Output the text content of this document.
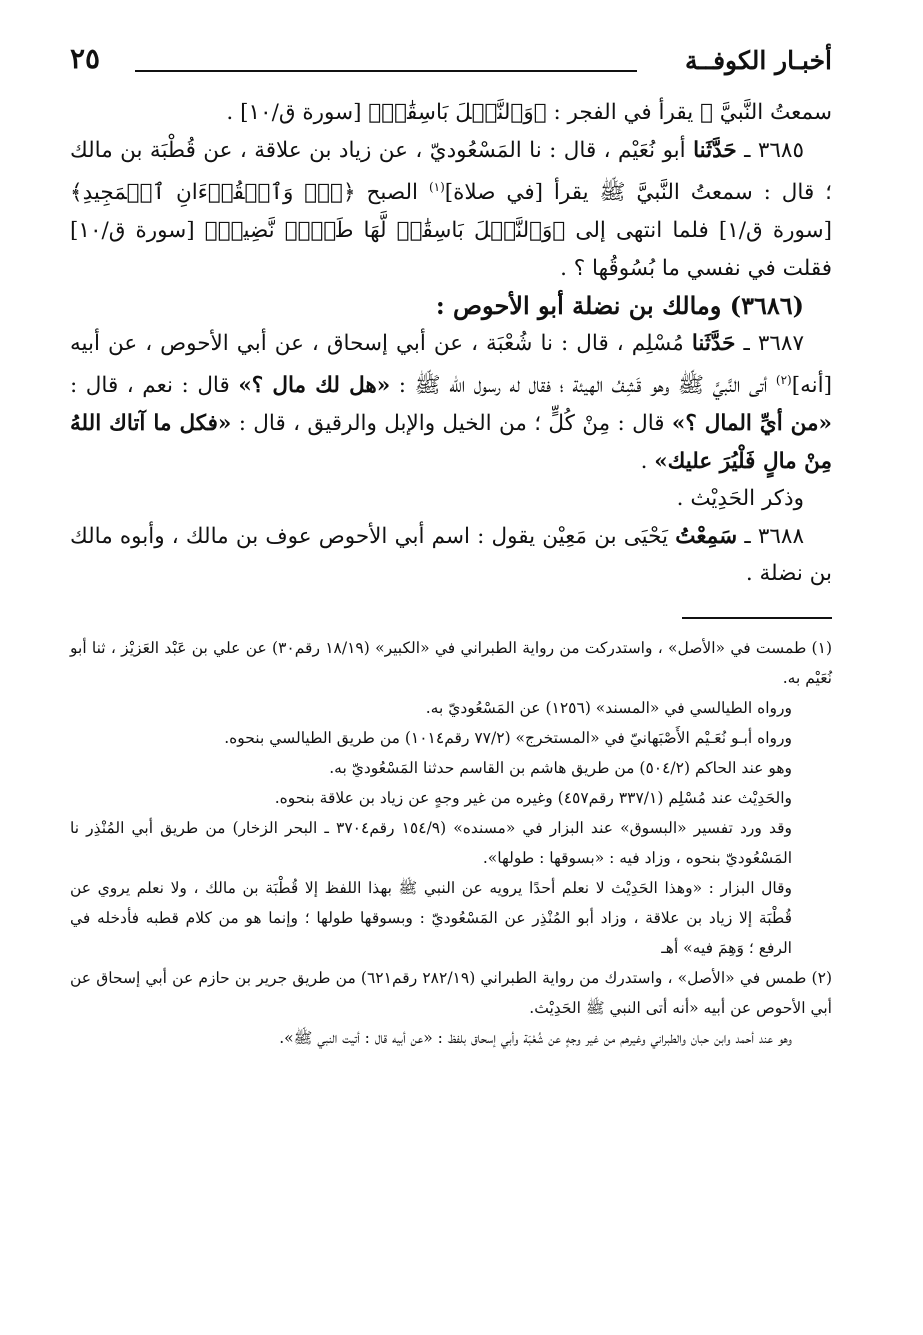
أخبـار الكوفــة
٢٥

سمعتُ النَّبيَّ ﷺ يقرأ في الفجر : ﴿وَٱلنَّخۡلَ بَاسِقَٰتٖ﴾ [سورة ق/١٠] .

٣٦٨٥ ـ حَدَّثَنا أبو نُعَيْم ، قال : نا المَسْعُوديّ ، عن زياد بن علاقة ، عن قُطْبَة بن مالك ؛ قال : سمعتُ النَّبيَّ ﷺ يقرأ [في صلاة]$^{(١)}$ الصبح ﴿قٓۚ وَٱلۡقُرۡءَانِ ٱلۡمَجِيدِ﴾ [سورة ق/١] فلما انتهى إلى ﴿وَٱلنَّخۡلَ بَاسِقَٰتٖ لَّهَا طَلۡعٞ نَّضِيدٞ﴾ [سورة ق/١٠] فقلت في نفسي ما بُسُوقُها ؟ .

(٣٦٨٦) ومالك بن نضلة أبو الأحوص :

٣٦٨٧ ـ حَدَّثَنا مُسْلِم ، قال : نا شُعْبَة ، عن أبي إسحاق ، عن أبي الأحوص ، عن أبيه [أنه]$^{(٢)}$ أتى النَّبيَّ ﷺ وهو قَشِفُ الهيئة ؛ فقال له رسول الله ﷺ : «هل لك مال ؟» قال : نعم ، قال : «من أيِّ المال ؟» قال : مِنْ كُلٍّ ؛ من الخيل والإبل والرقيق ، قال : «فكل ما آتاك اللهُ مِنْ مالٍ فَلْيُرَ عليك» .

وذكر الحَدِيْث .

٣٦٨٨ ـ سَمِعْتُ يَحْيَى بن مَعِيْن يقول : اسم أبي الأحوص عوف بن مالك ، وأبوه مالك بن نضلة .

(١) طمست في «الأصل» ، واستدركت من رواية الطبراني في «الكبير» (١٨/١٩ رقم٣٠) عن علي بن عَبْد العَزيْز ، ثنا أبو نُعَيْم به.

ورواه الطيالسي في «المسند» (١٢٥٦) عن المَسْعُوديّ به.

ورواه أبـو نُعَـيْم الأَصْبَهانيّ في «المستخرج» (٧٧/٢ رقم١٠١٤) من طريق الطيالسي بنحوه.

وهو عند الحاكم (٥٠٤/٢) من طريق هاشم بن القاسم حدثنا المَسْعُوديّ به.

والحَدِيْث عند مُسْلِم (٣٣٧/١ رقم٤٥٧) وغيره من غير وجهٍ عن زياد بن علاقة بنحوه.

وقد ورد تفسير «البسوق» عند البزار في «مسنده» (١٥٤/٩ رقم٣٧٠٤ ـ البحر الزخار) من طريق أبي المُنْذِر نا المَسْعُوديّ بنحوه ، وزاد فيه : «بسوقها : طولها».

وقال البزار : «وهذا الحَدِيْث لا نعلم أحدًا يرويه عن النبي ﷺ بهذا اللفظ إلا قُطْبَة بن مالك ، ولا نعلم يروي عن قُطْبَة إلا زياد بن علاقة ، وزاد أبو المُنْذِر عن المَسْعُوديّ : وبسوقها طولها ؛ وإنما هو من كلام قطبه فأدخله في الرفع ؛ وَهِمَ فيه» أهـ

(٢) طمس في «الأصل» ، واستدرك من رواية الطبراني (٢٨٢/١٩ رقم٦٢١) من طريق جرير بن حازم عن أبي إسحاق عن أبي الأحوص عن أبيه «أنه أتى النبي ﷺ الحَدِيْث.

وهو عند أحمد وابن حبان والطبراني وغيرهم من غير وجهٍ عن شُعْبَة وأبي إسحاق بلفظ : «عن أبيه قال : أتيت النبي ﷺ».
